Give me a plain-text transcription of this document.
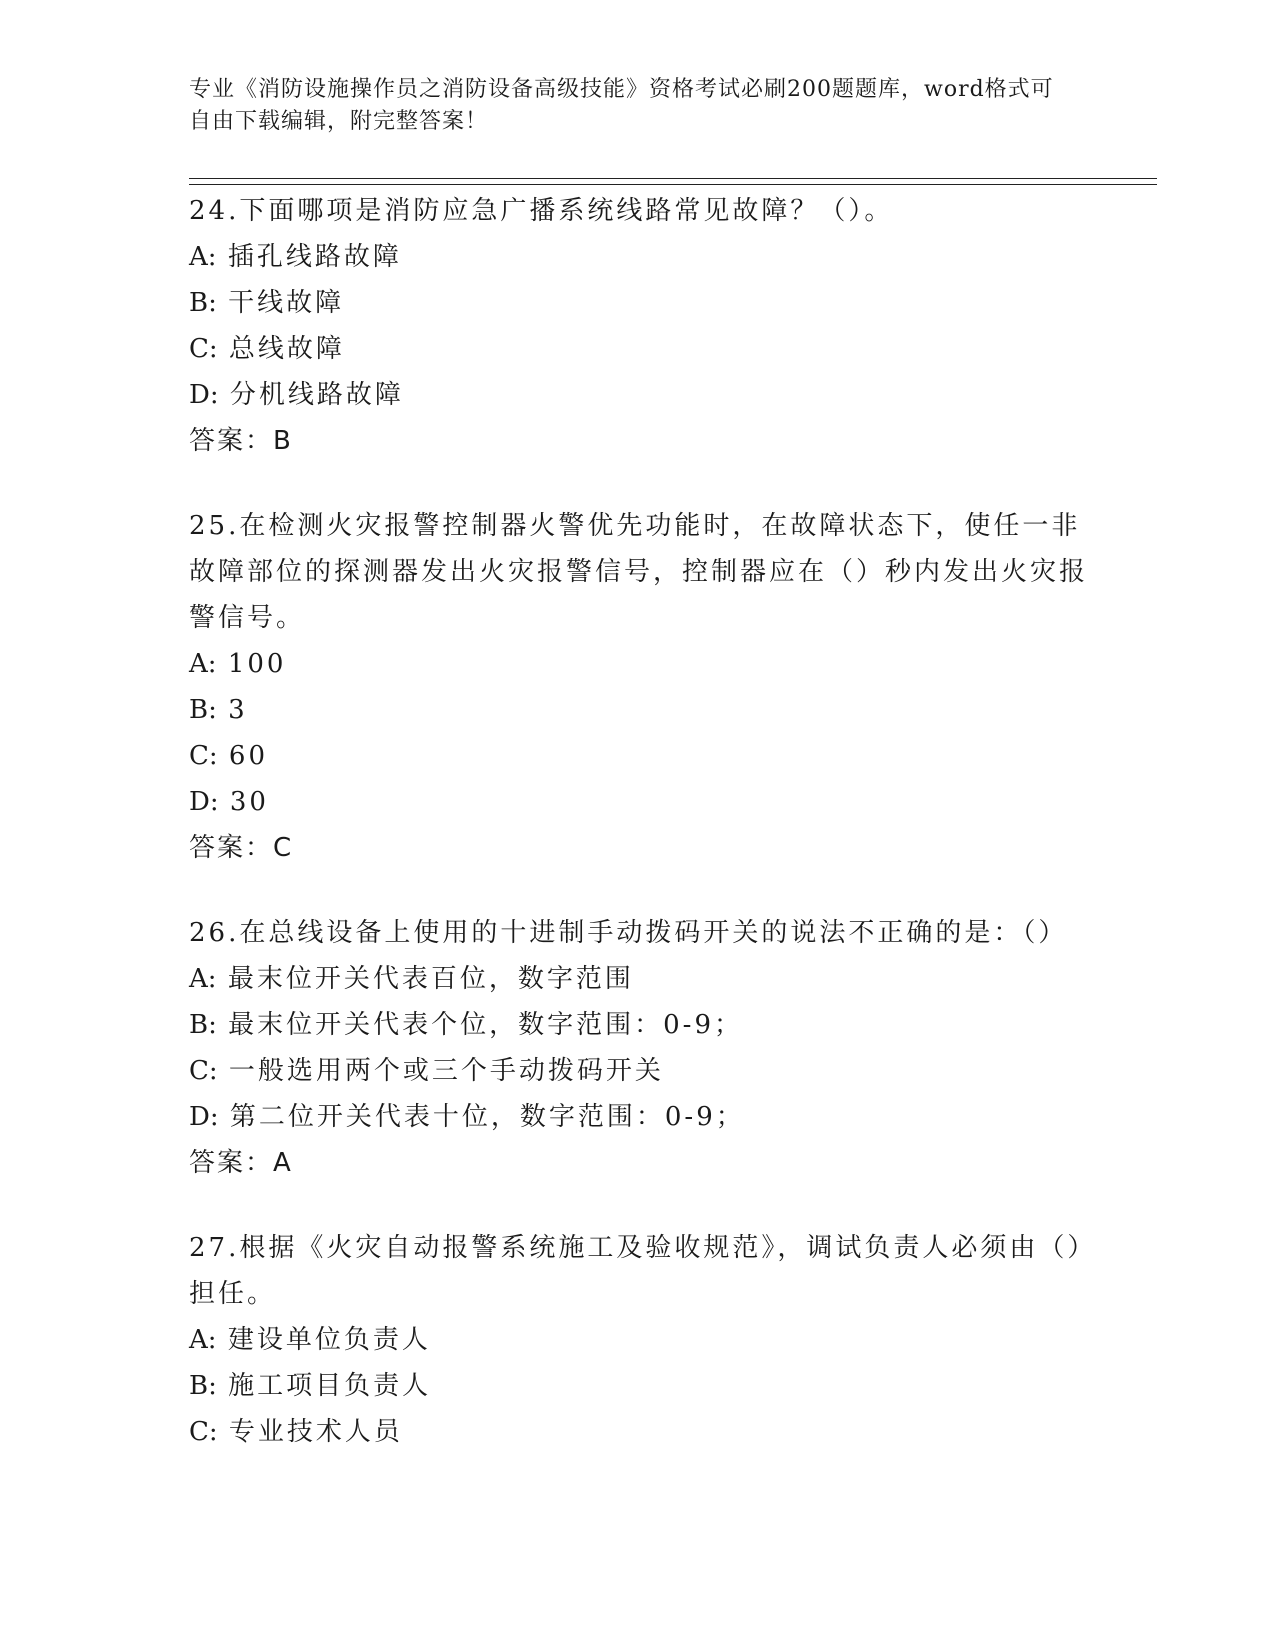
专业《消防设施操作员之消防设备高级技能》资格考试必刷200题题库，word格式可自由下载编辑，附完整答案！
24.下面哪项是消防应急广播系统线路常见故障？（）。
A: 插孔线路故障
B: 干线故障
C: 总线故障
D: 分机线路故障
答案：B
25.在检测火灾报警控制器火警优先功能时，在故障状态下，使任一非故障部位的探测器发出火灾报警信号，控制器应在（）秒内发出火灾报警信号。
A: 100
B: 3
C: 60
D: 30
答案：C
26.在总线设备上使用的十进制手动拨码开关的说法不正确的是：（）
A: 最末位开关代表百位，数字范围
B: 最末位开关代表个位，数字范围：0-9；
C: 一般选用两个或三个手动拨码开关
D: 第二位开关代表十位，数字范围：0-9；
答案：A
27.根据《火灾自动报警系统施工及验收规范》，调试负责人必须由（）担任。
A: 建设单位负责人
B: 施工项目负责人
C: 专业技术人员
